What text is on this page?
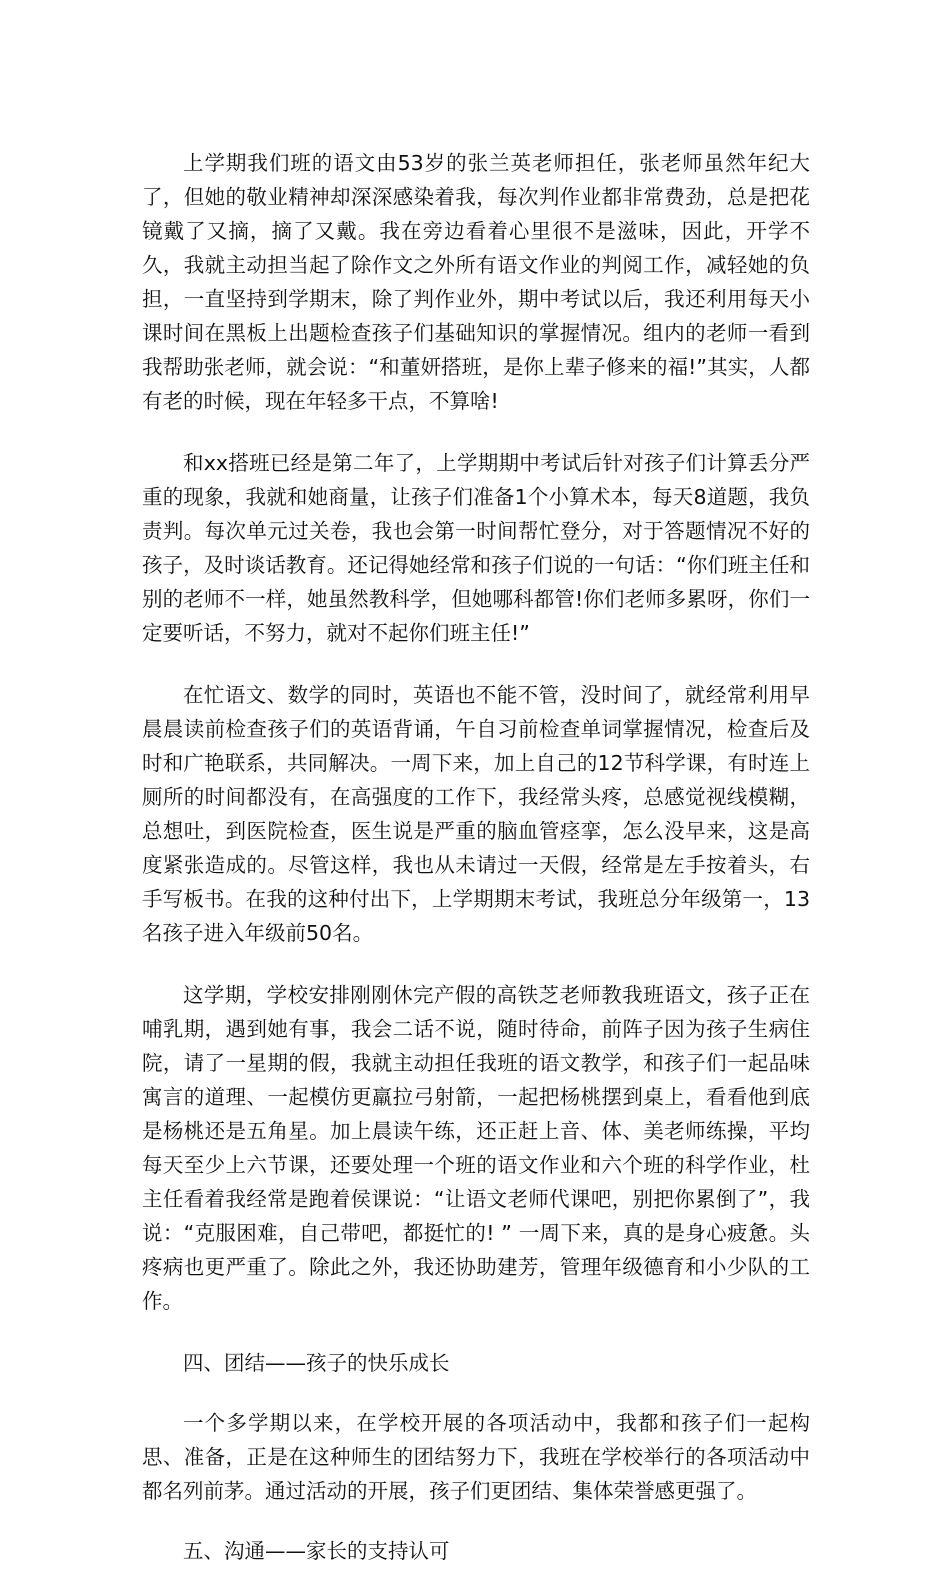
上学期我们班的语文由53岁的张兰英老师担任，张老师虽然年纪大了，但她的敬业精神却深深感染着我，每次判作业都非常费劲，总是把花镜戴了又摘，摘了又戴。我在旁边看着心里很不是滋味，因此，开学不久，我就主动担当起了除作文之外所有语文作业的判阅工作，减轻她的负担，一直坚持到学期末，除了判作业外，期中考试以后，我还利用每天小课时间在黑板上出题检查孩子们基础知识的掌握情况。组内的老师一看到我帮助张老师，就会说：“和董妍搭班，是你上辈子修来的福!”其实，人都有老的时候，现在年轻多干点，不算啥!

和xx搭班已经是第二年了，上学期期中考试后针对孩子们计算丢分严重的现象，我就和她商量，让孩子们准备1个小算术本，每天8道题，我负责判。每次单元过关卷，我也会第一时间帮忙登分，对于答题情况不好的孩子，及时谈话教育。还记得她经常和孩子们说的一句话：“你们班主任和别的老师不一样，她虽然教科学，但她哪科都管!你们老师多累呀，你们一定要听话，不努力，就对不起你们班主任!”

在忙语文、数学的同时，英语也不能不管，没时间了，就经常利用早晨晨读前检查孩子们的英语背诵，午自习前检查单词掌握情况，检查后及时和广艳联系，共同解决。一周下来，加上自己的12节科学课，有时连上厕所的时间都没有，在高强度的工作下，我经常头疼，总感觉视线模糊，总想吐，到医院检查，医生说是严重的脑血管痉挛，怎么没早来，这是高度紧张造成的。尽管这样，我也从未请过一天假，经常是左手按着头，右手写板书。在我的这种付出下，上学期期末考试，我班总分年级第一，13名孩子进入年级前50名。

这学期，学校安排刚刚休完产假的高铁芝老师教我班语文，孩子正在哺乳期，遇到她有事，我会二话不说，随时待命，前阵子因为孩子生病住院，请了一星期的假，我就主动担任我班的语文教学，和孩子们一起品味寓言的道理、一起模仿更羸拉弓射箭，一起把杨桃摆到桌上，看看他到底是杨桃还是五角星。加上晨读午练，还正赶上音、体、美老师练操，平均每天至少上六节课，还要处理一个班的语文作业和六个班的科学作业，杜主任看着我经常是跑着侯课说：“让语文老师代课吧，别把你累倒了”，我说：“克服困难，自己带吧，都挺忙的! ” 一周下来，真的是身心疲惫。头疼病也更严重了。除此之外，我还协助建芳，管理年级德育和小少队的工作。

四、团结——孩子的快乐成长

一个多学期以来，在学校开展的各项活动中，我都和孩子们一起构思、准备，正是在这种师生的团结努力下，我班在学校举行的各项活动中都名列前茅。通过活动的开展，孩子们更团结、集体荣誉感更强了。

五、沟通——家长的支持认可
